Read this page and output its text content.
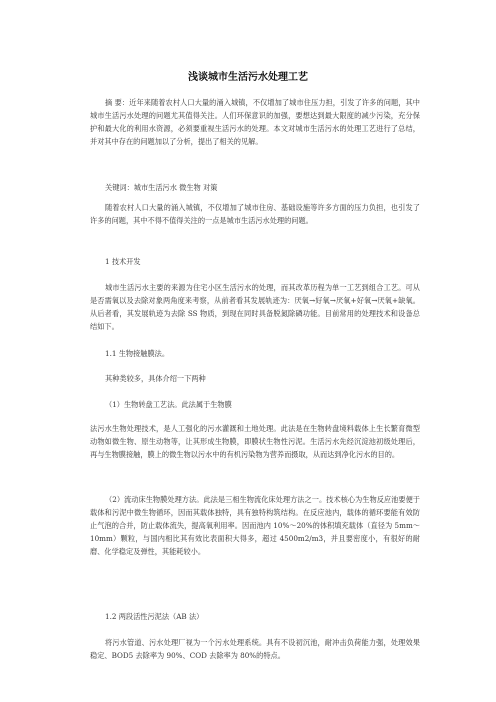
浅谈城市生活污水处理工艺

摘 要：近年来随着农村人口大量的涌入城镇，不仅增加了城市住压力担，引发了许多的问题，其中城市生活污水处理的问题尤其值得关注。人们环保意识的加强，要想达到最大限度的减少污染，充分保护和最大化的利用水资源，必须要重视生活污水的处理。本文对城市生活污水的处理工艺进行了总结，并对其中存在的问题加以了分析，提出了相关的见解。

关键词：城市生活污水 微生物 对策

随着农村人口大量的涌入城镇，不仅增加了城市住房、基础设施等许多方面的压力负担，也引发了许多的问题，其中不得不值得关注的一点是城市生活污水处理的问题。

1 技术开发

城市生活污水主要的来源为住宅小区生活污水的处理，而其改革历程为单一工艺到组合工艺。可从是否需氧以及去除对象两角度来考察，从前者看其发展轨迹为：厌氧→好氧→厌氧+好氧→厌氧+缺氧。从后者看，其发展轨迹为去除 SS 物质，到现在同时具备脱氮除磷功能。目前常用的处理技术和设备总结如下。

1.1 生物接触膜法。

其种类较多，具体介绍一下两种

（1）生物转盘工艺法。此法属于生物膜

法污水生物处理技术，是人工强化的污水灌溉和土地处理。此法是在生物转盘境料载体上生长繁育微型动物如微生物、原生动物等，让其形成生物膜，即膜状生物性污泥。生活污水先经沉淀池初级处理后，再与生物膜接触，膜上的微生物以污水中的有机污染物为营养而摄取，从而达到净化污水的目的。

（2）流动床生物膜处理方法。此法是三相生物流化床处理方法之一。技术核心为生物反应池要便于载体和污泥中微生物循环，因而其载体独特，具有独特构筑结构。在反应池内，载体的循环要能有效防止气泡的合并，防止载体流失，提高氧利用率。因而池内 10%～20%的体积填充载体（直径为 5mm～10mm）颗粒，与国内相比其有效比表面积大得多，超过 4500m2/m3，并且要密度小，有很好的耐磨、化学稳定及弹性，其能耗较小。

1.2 两段活性污泥法（AB 法）

将污水管道、污水处理厂视为一个污水处理系统。具有不设初沉池，耐冲击负荷能力强，处理效果稳定、BOD5 去除率为 90%、COD 去除率为 80%的特点。
